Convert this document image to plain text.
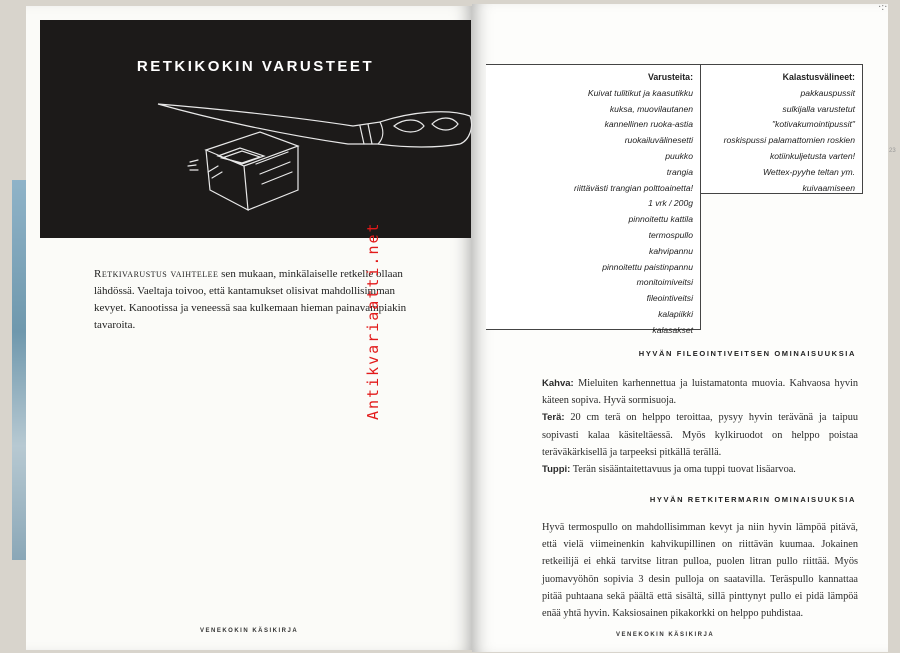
·:·
RETKIKOKIN VARUSTEET
Retkivarustus vaihtelee sen mukaan, minkälaiselle retkelle ollaan lähdössä. Vaeltaja toivoo, että kantamukset olisivat mahdollisimman kevyet. Kanootissa ja veneessä saa kulkemaan hieman painavampiakin tavaroita.	Antikvariaatti.net
VENEKOKIN KÄSIKIRJA
VENEKOKIN KÄSIKIRJA
23
Varusteita:
Kuivat tulitikut ja kaasutikku
kuksa, muovilautanen
kannellinen ruoka-astia
ruokailuvälinesetti
puukko
trangia
riittävästi trangian polttoainetta!
1 vrk / 200g
pinnoitettu kattila
termospullo
kahvipannu
pinnoitettu paistinpannu
monitoimiveitsi
fileointiveitsi
kalapiikki
kalasakset
Kalastusvälineet:
pakkauspussit
sulkijalla varustetut
"kotivakumointipussit"
roskispussi palamattomien roskien
kotiinkuljetusta varten!
Wettex-pyyhe teltan ym.
kuivaamiseen
HYVÄN FILEOINTIVEITSEN OMINAISUUKSIA
Kahva: Mieluiten karhennettua ja luistamatonta muovia. Kahvaosa hyvin käteen sopiva. Hyvä sormisuoja.
Terä: 20 cm terä on helppo teroittaa, pysyy hyvin terävänä ja taipuu sopivasti kalaa käsiteltäessä. Myös kylkiruodot on helppo poistaa teräväkärkisellä ja tarpeeksi pitkällä terällä.
Tuppi: Terän sisääntaitettavuus ja oma tuppi tuovat lisäarvoa.
HYVÄN RETKITERMARIN OMINAISUUKSIA
Hyvä termospullo on mahdollisimman kevyt ja niin hyvin lämpöä pitävä, että vielä viimeinenkin kahvikupillinen on riittävän kuumaa. Jokainen retkeilijä ei ehkä tarvitse litran pulloa, puolen litran pullo riittää. Myös juomavyöhön sopivia 3 desin pulloja on saatavilla. Teräspullo kannattaa pitää puhtaana sekä päältä että sisältä, sillä pinttynyt pullo ei pidä lämpöä enää yhtä hyvin. Kaksiosainen pikakorkki on helppo puhdistaa.
